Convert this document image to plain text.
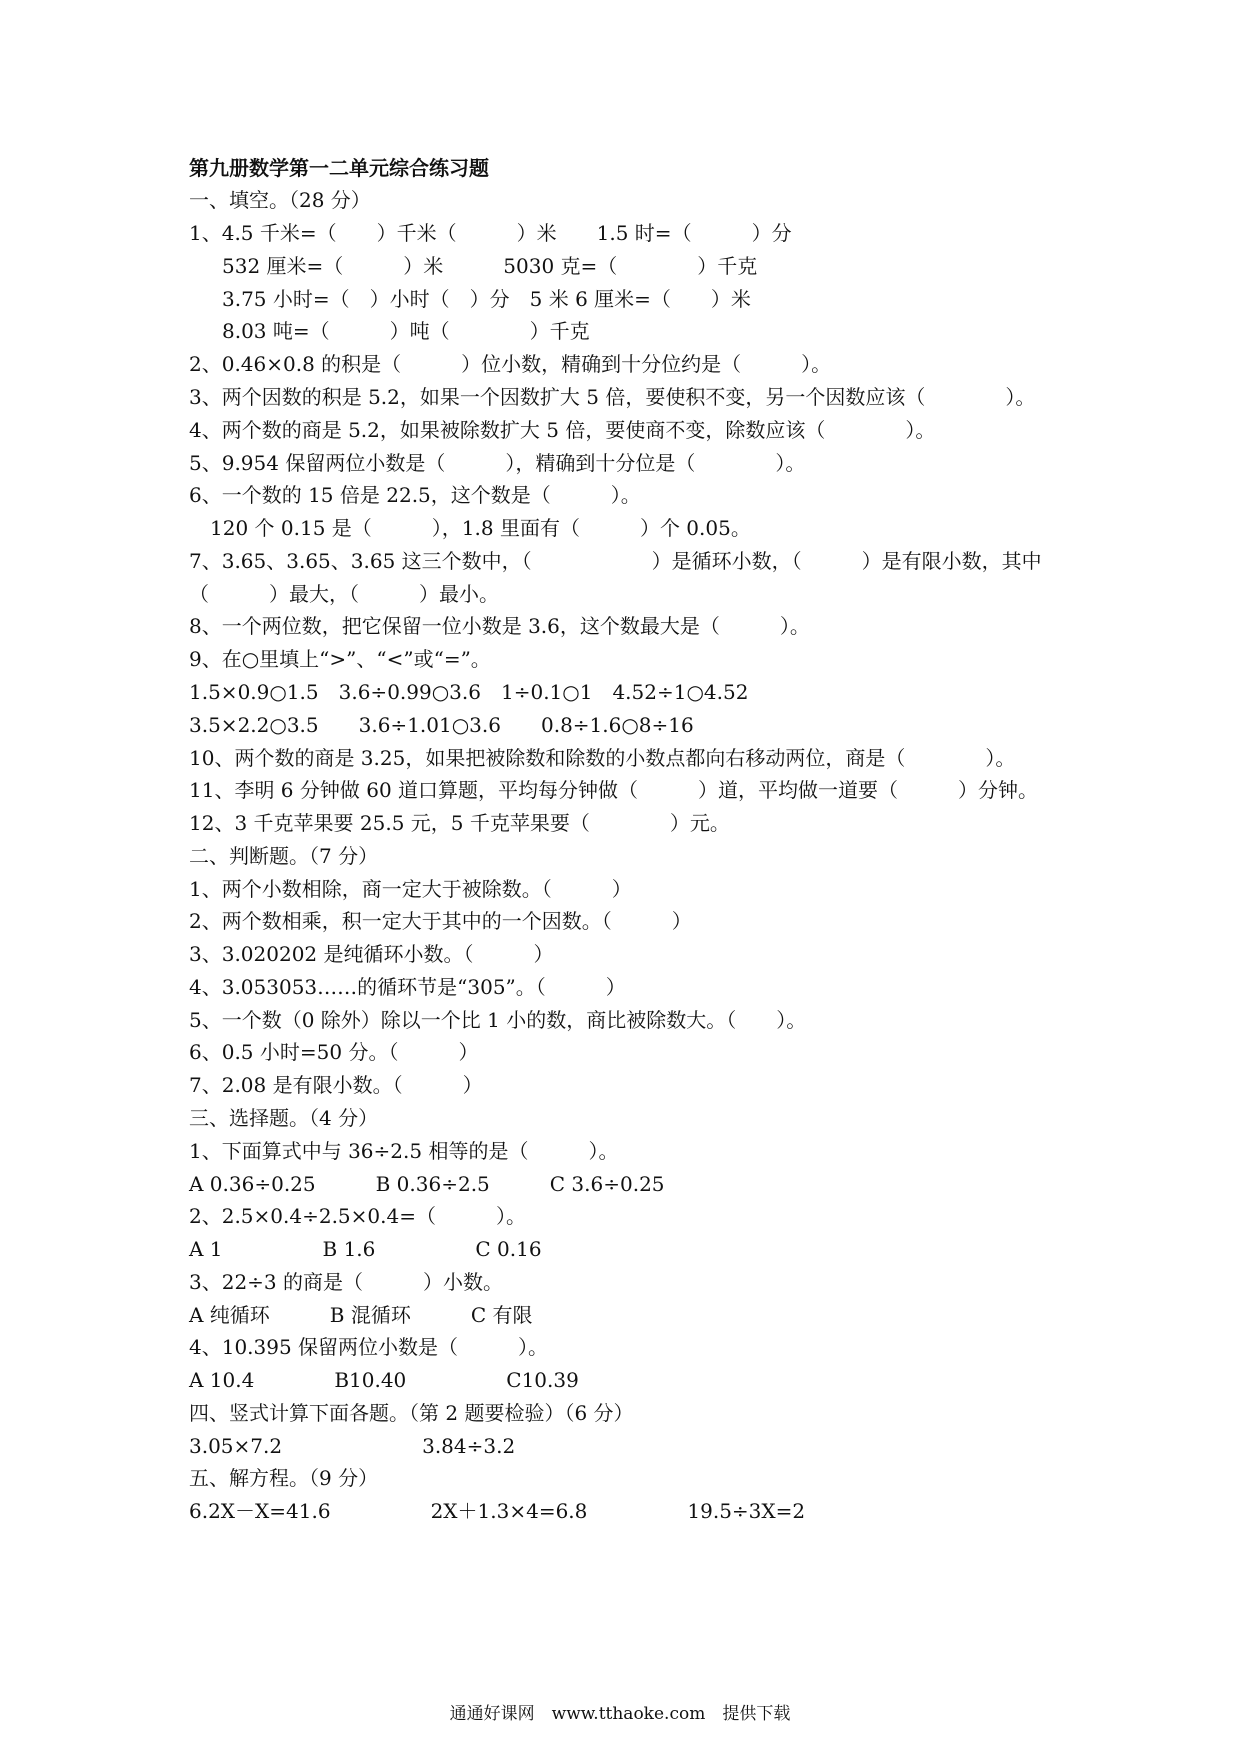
第九册数学第一二单元综合练习题
一、填空。（28 分）
1、4.5 千米=（　　）千米（　　　）米　　1.5 时=（　　　）分
532 厘米=（　　　）米　　　5030 克=（　　　　）千克
3.75 小时=（　）小时（　）分　5 米 6 厘米=（　　）米
8.03 吨=（　　　）吨（　　　　）千克
2、0.46×0.8 的积是（　　　）位小数，精确到十分位约是（　　　）。
3、两个因数的积是 5.2，如果一个因数扩大 5 倍，要使积不变，另一个因数应该（　　　　）。
4、两个数的商是 5.2，如果被除数扩大 5 倍，要使商不变，除数应该（　　　　）。
5、9.954 保留两位小数是（　　　），精确到十分位是（　　　　）。
6、一个数的 15 倍是 22.5，这个数是（　　　）。
120 个 0.15 是（　　　），1.8 里面有（　　　）个 0.05。
7、3.65、3.65、3.65 这三个数中，（　　　　　　）是循环小数，（　　　）是有限小数，其中
（　　　）最大，（　　　）最小。
8、一个两位数，把它保留一位小数是 3.6，这个数最大是（　　　）。
9、在○里填上“>”、“<”或“=”。
1.5×0.9○1.5　3.6÷0.99○3.6　1÷0.1○1　4.52÷1○4.52
3.5×2.2○3.5　　3.6÷1.01○3.6　　0.8÷1.6○8÷16
10、两个数的商是 3.25，如果把被除数和除数的小数点都向右移动两位，商是（　　　　）。
11、李明 6 分钟做 60 道口算题，平均每分钟做（　　　）道，平均做一道要（　　　）分钟。
12、3 千克苹果要 25.5 元，5 千克苹果要（　　　　）元。
二、判断题。（7 分）
1、两个小数相除，商一定大于被除数。（　　　）
2、两个数相乘，积一定大于其中的一个因数。（　　　）
3、3.020202 是纯循环小数。（　　　）
4、3.053053……的循环节是“305”。（　　　）
5、一个数（0 除外）除以一个比 1 小的数，商比被除数大。（　　）。
6、0.5 小时=50 分。（　　　）
7、2.08 是有限小数。（　　　）
三、选择题。（4 分）
1、下面算式中与 36÷2.5 相等的是（　　　）。
A 0.36÷0.25　　　B 0.36÷2.5　　　C 3.6÷0.25
2、2.5×0.4÷2.5×0.4=（　　　）。
A 1　　　　　B 1.6　　　　　C 0.16
3、22÷3 的商是（　　　）小数。
A 纯循环　　　B 混循环　　　C 有限
4、10.395 保留两位小数是（　　　）。
A 10.4　　　　B10.40　　　　　C10.39
四、竖式计算下面各题。（第 2 题要检验）（6 分）
3.05×7.2　　　　　　　3.84÷3.2
五、解方程。（9 分）
6.2X－X=41.6　　　　　2X＋1.3×4=6.8　　　　　19.5÷3X=2
通通好课网　www.tthaoke.com　提供下载
